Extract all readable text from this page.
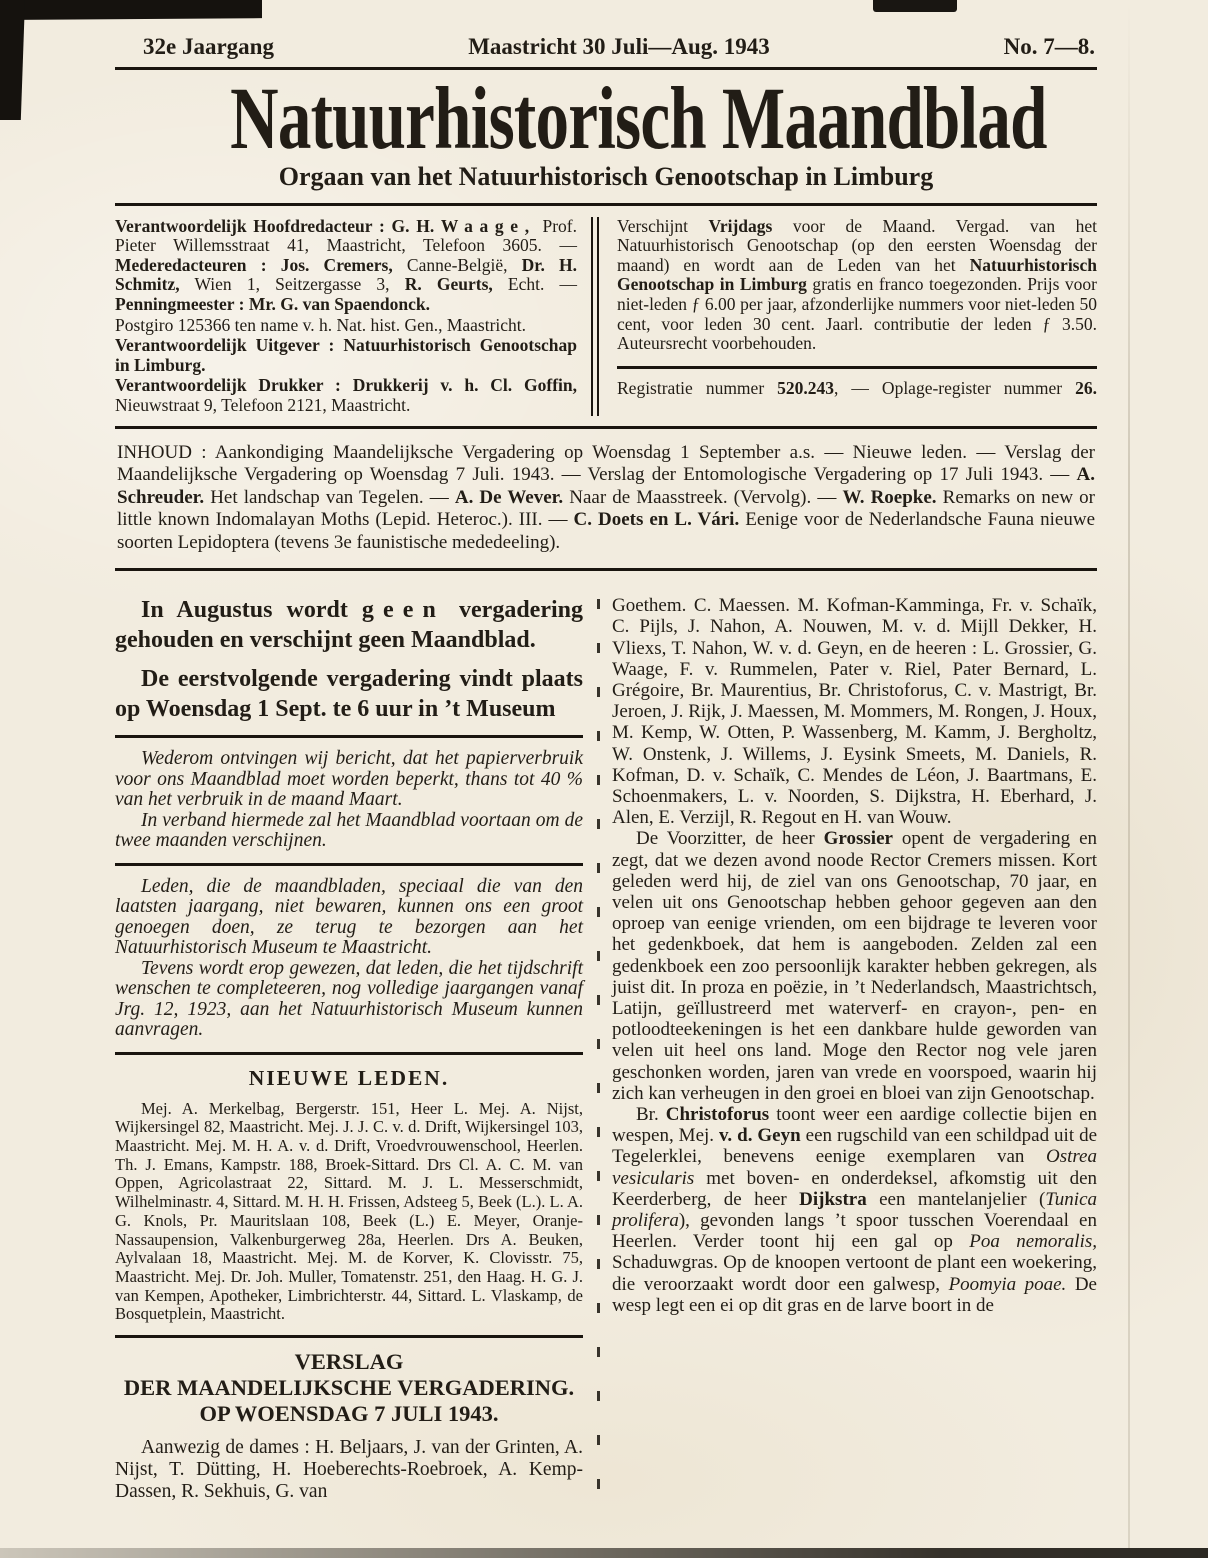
32e Jaargang	Maastricht 30 Juli—Aug. 1943	No. 7—8.
Natuurhistorisch Maandblad
Orgaan van het Natuurhistorisch Genootschap in Limburg

Verantwoordelijk Hoofdredacteur : G. H. Waage, Prof. Pieter Willemsstraat 41, Maastricht, Telefoon 3605. — Mederedacteuren : Jos. Cremers, Canne-België, Dr. H. Schmitz, Wien 1, Seitzergasse 3, R. Geurts, Echt. — Penningmeester : Mr. G. van Spaendonck.

Postgiro 125366 ten name v. h. Nat. hist. Gen., Maastricht.

Verantwoordelijk Uitgever : Natuurhistorisch Genootschap in Limburg.

Verantwoordelijk Drukker : Drukkerij v. h. Cl. Goffin, Nieuwstraat 9, Telefoon 2121, Maastricht.

Verschijnt Vrijdags voor de Maand. Vergad. van het Natuurhistorisch Genootschap (op den eersten Woensdag der maand) en wordt aan de Leden van het Natuurhistorisch Genootschap in Limburg gratis en franco toegezonden. Prijs voor niet-leden ƒ 6.00 per jaar, afzonderlijke nummers voor niet-leden 50 cent, voor leden 30 cent. Jaarl. contributie der leden ƒ 3.50. Auteursrecht voorbehouden.

Registratie nummer 520.243, — Oplage-register nummer 26.

INHOUD : Aankondiging Maandelijksche Vergadering op Woensdag 1 September a.s. — Nieuwe leden. — Verslag der Maandelijksche Vergadering op Woensdag 7 Juli. 1943. — Verslag der Entomologische Vergadering op 17 Juli 1943. — A. Schreuder. Het landschap van Tegelen. — A. De Wever. Naar de Maasstreek. (Vervolg). — W. Roepke. Remarks on new or little known Indomalayan Moths (Lepid. Heteroc.). III. — C. Doets en L. Vári. Eenige voor de Nederlandsche Fauna nieuwe soorten Lepidoptera (tevens 3e faunistische mededeeling).

In Augustus wordt geen vergadering gehouden en verschijnt geen Maandblad.

De eerstvolgende vergadering vindt plaats op Woensdag 1 Sept. te 6 uur in ’t Museum

Wederom ontvingen wij bericht, dat het papierverbruik voor ons Maandblad moet worden beperkt, thans tot 40 % van het verbruik in de maand Maart.

In verband hiermede zal het Maandblad voortaan om de twee maanden verschijnen.

Leden, die de maandbladen, speciaal die van den laatsten jaargang, niet bewaren, kunnen ons een groot genoegen doen, ze terug te bezorgen aan het Natuurhistorisch Museum te Maastricht.

Tevens wordt erop gewezen, dat leden, die het tijdschrift wenschen te completeeren, nog volledige jaargangen vanaf Jrg. 12, 1923, aan het Natuurhistorisch Museum kunnen aanvragen.

NIEUWE LEDEN.

Mej. A. Merkelbag, Bergerstr. 151, Heer L. Mej. A. Nijst, Wijkersingel 82, Maastricht. Mej. J. J. C. v. d. Drift, Wijkersingel 103, Maastricht. Mej. M. H. A. v. d. Drift, Vroedvrouwenschool, Heerlen. Th. J. Emans, Kampstr. 188, Broek-Sittard. Drs Cl. A. C. M. van Oppen, Agricolastraat 22, Sittard. M. J. L. Messerschmidt, Wilhelminastr. 4, Sittard. M. H. H. Frissen, Adsteeg 5, Beek (L.). L. A. G. Knols, Pr. Mauritslaan 108, Beek (L.) E. Meyer, Oranje-Nassaupension, Valkenburgerweg 28a, Heerlen. Drs A. Beuken, Aylvalaan 18, Maastricht. Mej. M. de Korver, K. Clovisstr. 75, Maastricht. Mej. Dr. Joh. Muller, Tomatenstr. 251, den Haag. H. G. J. van Kempen, Apotheker, Limbrichterstr. 44, Sittard. L. Vlaskamp, de Bosquetplein, Maastricht.

VERSLAG
DER MAANDELIJKSCHE VERGADERING.
OP WOENSDAG 7 JULI 1943.

Aanwezig de dames : H. Beljaars, J. van der Grinten, A. Nijst, T. Dütting, H. Hoeberechts-Roebroek, A. Kemp-Dassen, R. Sekhuis, G. van

Goethem. C. Maessen. M. Kofman-Kamminga, Fr. v. Schaïk, C. Pijls, J. Nahon, A. Nouwen, M. v. d. Mijll Dekker, H. Vliexs, T. Nahon, W. v. d. Geyn, en de heeren : L. Grossier, G. Waage, F. v. Rummelen, Pater v. Riel, Pater Bernard, L. Grégoire, Br. Maurentius, Br. Christoforus, C. v. Mastrigt, Br. Jeroen, J. Rijk, J. Maessen, M. Mommers, M. Rongen, J. Houx, M. Kemp, W. Otten, P. Wassenberg, M. Kamm, J. Bergholtz, W. Onstenk, J. Willems, J. Eysink Smeets, M. Daniels, R. Kofman, D. v. Schaïk, C. Mendes de Léon, J. Baartmans, E. Schoenmakers, L. v. Noorden, S. Dijkstra, H. Eberhard, J. Alen, E. Verzijl, R. Regout en H. van Wouw.

De Voorzitter, de heer Grossier opent de vergadering en zegt, dat we dezen avond noode Rector Cremers missen. Kort geleden werd hij, de ziel van ons Genootschap, 70 jaar, en velen uit ons Genootschap hebben gehoor gegeven aan den oproep van eenige vrienden, om een bijdrage te leveren voor het gedenkboek, dat hem is aangeboden. Zelden zal een gedenkboek een zoo persoonlijk karakter hebben gekregen, als juist dit. In proza en poëzie, in ’t Nederlandsch, Maastrichtsch, Latijn, geïllustreerd met waterverf- en crayon-, pen- en potloodteekeningen is het een dankbare hulde geworden van velen uit heel ons land. Moge den Rector nog vele jaren geschonken worden, jaren van vrede en voorspoed, waarin hij zich kan verheugen in den groei en bloei van zijn Genootschap.

Br. Christoforus toont weer een aardige collectie bijen en wespen, Mej. v. d. Geyn een rugschild van een schildpad uit de Tegelerklei, benevens eenige exemplaren van Ostrea vesicularis met boven- en onderdeksel, afkomstig uit den Keerderberg, de heer Dijkstra een mantelanjelier (Tunica prolifera), gevonden langs ’t spoor tusschen Voerendaal en Heerlen. Verder toont hij een gal op Poa nemoralis, Schaduwgras. Op de knoopen vertoont de plant een woekering, die veroorzaakt wordt door een galwesp, Poomyia poae. De wesp legt een ei op dit gras en de larve boort in de
